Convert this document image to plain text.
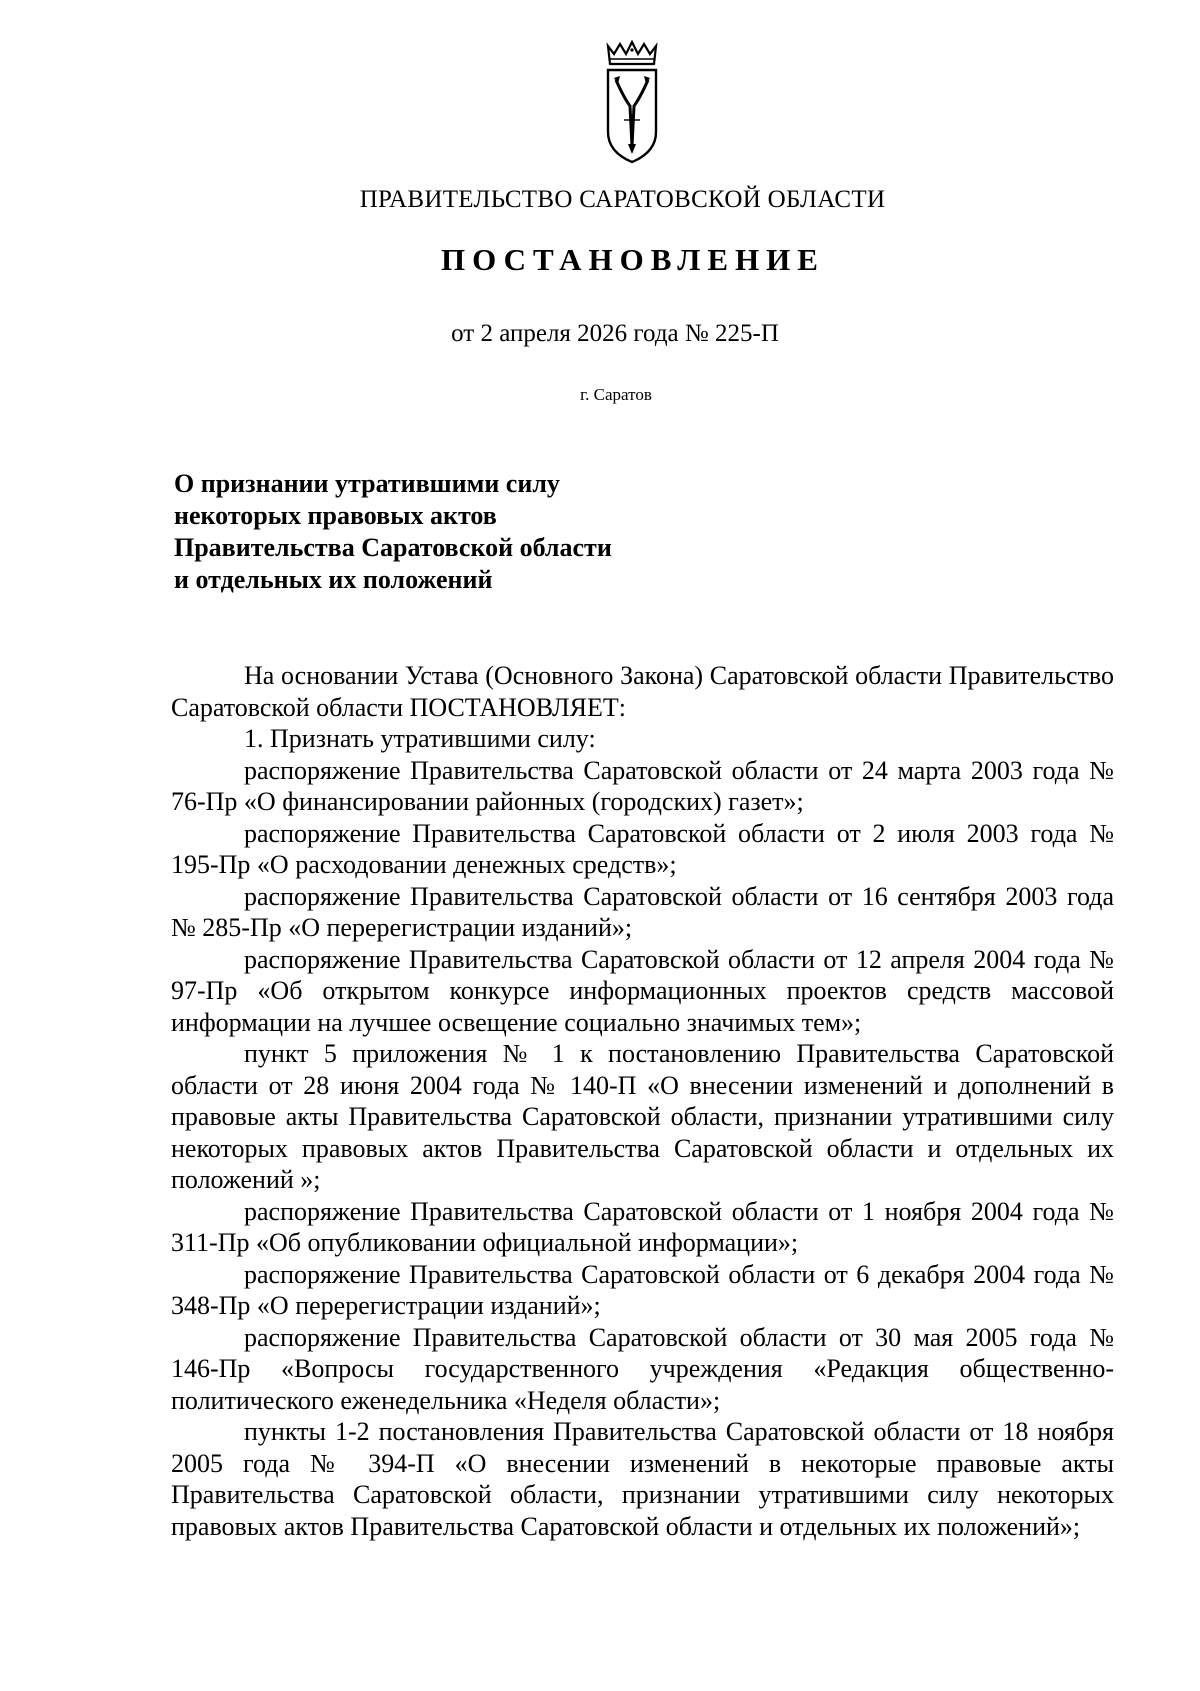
ПРАВИТЕЛЬСТВО САРАТОВСКОЙ ОБЛАСТИ
ПОСТАНОВЛЕНИЕ
от 2 апреля 2026 года № 225-П
г. Саратов
О признании утратившими силу
некоторых правовых актов
Правительства Саратовской области
и отдельных их положений

На основании Устава (Основного Закона) Саратовской области Правительство Саратовской области ПОСТАНОВЛЯЕТ:

1. Признать утратившими силу:

распоряжение Правительства Саратовской области от 24 марта 2003 года № 76-Пр «О финансировании районных (городских) газет»;

распоряжение Правительства Саратовской области от 2 июля 2003 года № 195-Пр «О расходовании денежных средств»;

распоряжение Правительства Саратовской области от 16 сентября 2003 года № 285-Пр «О перерегистрации изданий»;

распоряжение Правительства Саратовской области от 12 апреля 2004 года № 97-Пр «Об открытом конкурсе информационных проектов средств массовой информации на лучшее освещение социально значимых тем»;

пункт 5 приложения № 1 к постановлению Правительства Саратовской области от 28 июня 2004 года № 140-П «О внесении изменений и дополнений в правовые акты Правительства Саратовской области, признании утратившими силу некоторых правовых актов Правительства Саратовской области и отдельных их положений »;

распоряжение Правительства Саратовской области от 1 ноября 2004 года № 311-Пр «Об опубликовании официальной информации»;

распоряжение Правительства Саратовской области от 6 декабря 2004 года № 348-Пр «О перерегистрации изданий»;

распоряжение Правительства Саратовской области от 30 мая 2005 года № 146-Пр «Вопросы государственного учреждения «Редакция общественно-политического еженедельника «Неделя области»;

пункты 1-2 постановления Правительства Саратовской области от 18 ноября 2005 года № 394-П «О внесении изменений в некоторые правовые акты Правительства Саратовской области, признании утратившими силу некоторых правовых актов Правительства Саратовской области и отдельных их положений»;
